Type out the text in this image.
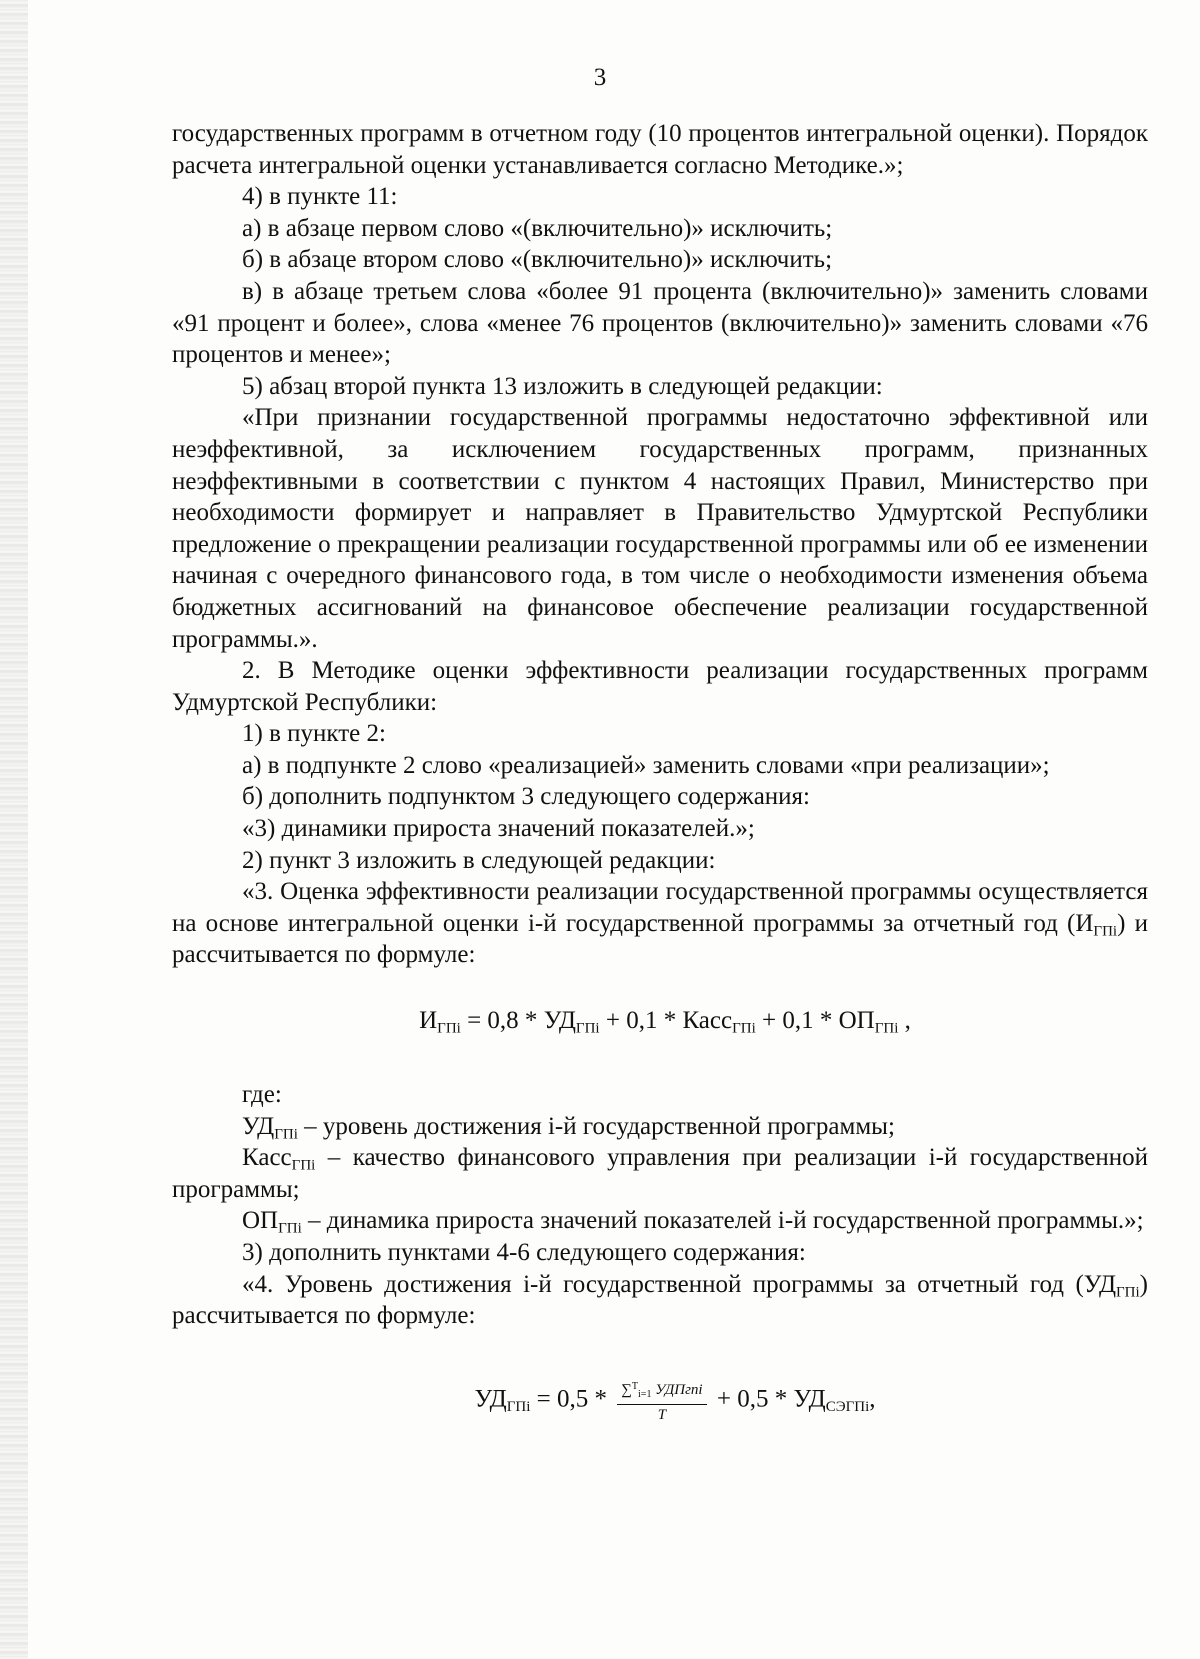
3

государственных программ в отчетном году (10 процентов интегральной оценки). Порядок расчета интегральной оценки устанавливается согласно Методике.»;

4) в пункте 11:

а) в абзаце первом слово «(включительно)» исключить;

б) в абзаце втором слово «(включительно)» исключить;

в) в абзаце третьем слова «более 91 процента (включительно)» заменить словами «91 процент и более», слова «менее 76 процентов (включительно)» заменить словами «76 процентов и менее»;

5) абзац второй пункта 13 изложить в следующей редакции:

«При признании государственной программы недостаточно эффективной или неэффективной, за исключением государственных программ, признанных неэффективными в соответствии с пунктом 4 настоящих Правил, Министерство при необходимости формирует и направляет в Правительство Удмуртской Республики предложение о прекращении реализации государственной программы или об ее изменении начиная с очередного финансового года, в том числе о необходимости изменения объема бюджетных ассигнований на финансовое обеспечение реализации государственной программы.».

2. В Методике оценки эффективности реализации государственных программ Удмуртской Республики:

1) в пункте 2:

а) в подпункте 2 слово «реализацией» заменить словами «при реализации»;

б) дополнить подпунктом 3 следующего содержания:

«3) динамики прироста значений показателей.»;

2) пункт 3 изложить в следующей редакции:

«3. Оценка эффективности реализации государственной программы осуществляется на основе интегральной оценки i-й государственной программы за отчетный год $(И_{ГПi})$ и рассчитывается по формуле:

$И_{ГПi} = 0,8 * УД_{ГПi} + 0,1$ * Касс$_{ГПi}$ + $0,1 * ОП_{ГПi}$ ,

где:

$УД_{ГПi}$ – уровень достижения i-й государственной программы;

Касс$_{ГПi}$ – качество финансового управления при реализации i-й государственной программы;

$ОП_{ГПi}$ – динамика прироста значений показателей i-й государственной программы.»;

3) дополнить пунктами 4-6 следующего содержания:

«4. Уровень достижения i-й государственной программы за отчетный год $(УД_{ГПi})$ рассчитывается по формуле:

$УД_{ГПi} = 0,5 * \frac{\sum^T_{i=1} УДПгпi}{T} + 0,5 * УД_{СЭГПi}$,
